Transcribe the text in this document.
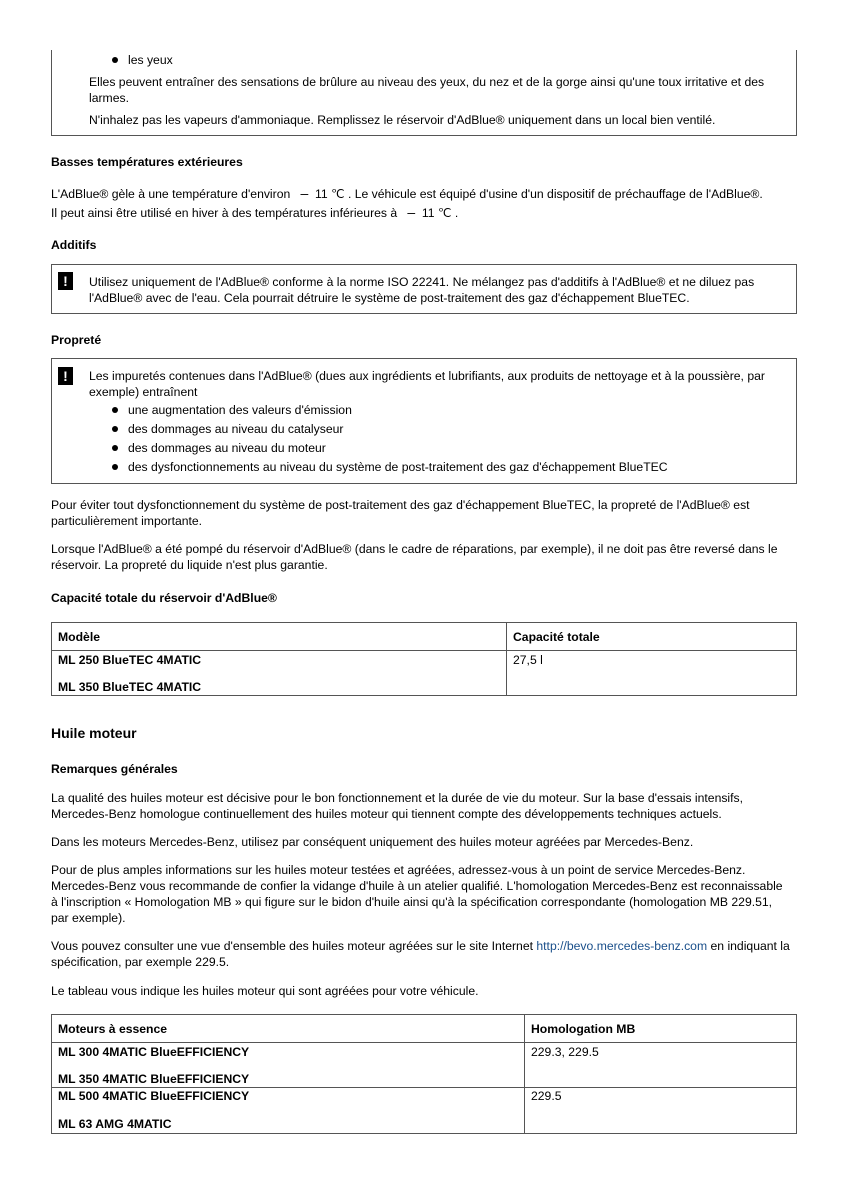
les yeux

Elles peuvent entraîner des sensations de brûlure au niveau des yeux, du nez et de la gorge ainsi qu'une toux irritative et des larmes.

N'inhalez pas les vapeurs d'ammoniaque. Remplissez le réservoir d'AdBlue® uniquement dans un local bien ventilé.

Basses températures extérieures

L'AdBlue® gèle à une température d'environ – 11 ℃ . Le véhicule est équipé d'usine d'un dispositif de préchauffage de l'AdBlue®.

Il peut ainsi être utilisé en hiver à des températures inférieures à – 11 ℃ .

Additifs
!	Utilisez uniquement de l'AdBlue® conforme à la norme ISO 22241. Ne mélangez pas d'additifs à l'AdBlue® et ne diluez pas l'AdBlue® avec de l'eau. Cela pourrait détruire le système de post-traitement des gaz d'échappement BlueTEC.

Propreté
!	Les impuretés contenues dans l'AdBlue® (dues aux ingrédients et lubrifiants, aux produits de nettoyage et à la poussière, par exemple) entraînent

une augmentation des valeurs d'émission
des dommages au niveau du catalyseur
des dommages au niveau du moteur
des dysfonctionnements au niveau du système de post-traitement des gaz d'échappement BlueTEC

Pour éviter tout dysfonctionnement du système de post-traitement des gaz d'échappement BlueTEC, la propreté de l'AdBlue® est particulièrement importante.

Lorsque l'AdBlue® a été pompé du réservoir d'AdBlue® (dans le cadre de réparations, par exemple), il ne doit pas être reversé dans le réservoir. La propreté du liquide n'est plus garantie.

Capacité totale du réservoir d'AdBlue®
Modèle	Capacité totale

ML 250 BlueTEC 4MATIC
ML 350 BlueTEC 4MATIC	27,5 l
Huile moteur
Remarques générales

La qualité des huiles moteur est décisive pour le bon fonctionnement et la durée de vie du moteur. Sur la base d'essais intensifs, Mercedes-Benz homologue continuellement des huiles moteur qui tiennent compte des développements techniques actuels.

Dans les moteurs Mercedes-Benz, utilisez par conséquent uniquement des huiles moteur agréées par Mercedes-Benz.

Pour de plus amples informations sur les huiles moteur testées et agréées, adressez-vous à un point de service Mercedes-Benz. Mercedes-Benz vous recommande de confier la vidange d'huile à un atelier qualifié. L'homologation Mercedes-Benz est reconnaissable à l'inscription « Homologation MB » qui figure sur le bidon d'huile ainsi qu'à la spécification correspondante (homologation MB 229.51, par exemple).

Vous pouvez consulter une vue d'ensemble des huiles moteur agréées sur le site Internet http://bevo.mercedes-benz.com en indiquant la spécification, par exemple 229.5.

Le tableau vous indique les huiles moteur qui sont agréées pour votre véhicule.

Moteurs à essence	Homologation MB

ML 300 4MATIC BlueEFFICIENCY
ML 350 4MATIC BlueEFFICIENCY	229.3, 229.5

ML 500 4MATIC BlueEFFICIENCY
ML 63 AMG 4MATIC	229.5
